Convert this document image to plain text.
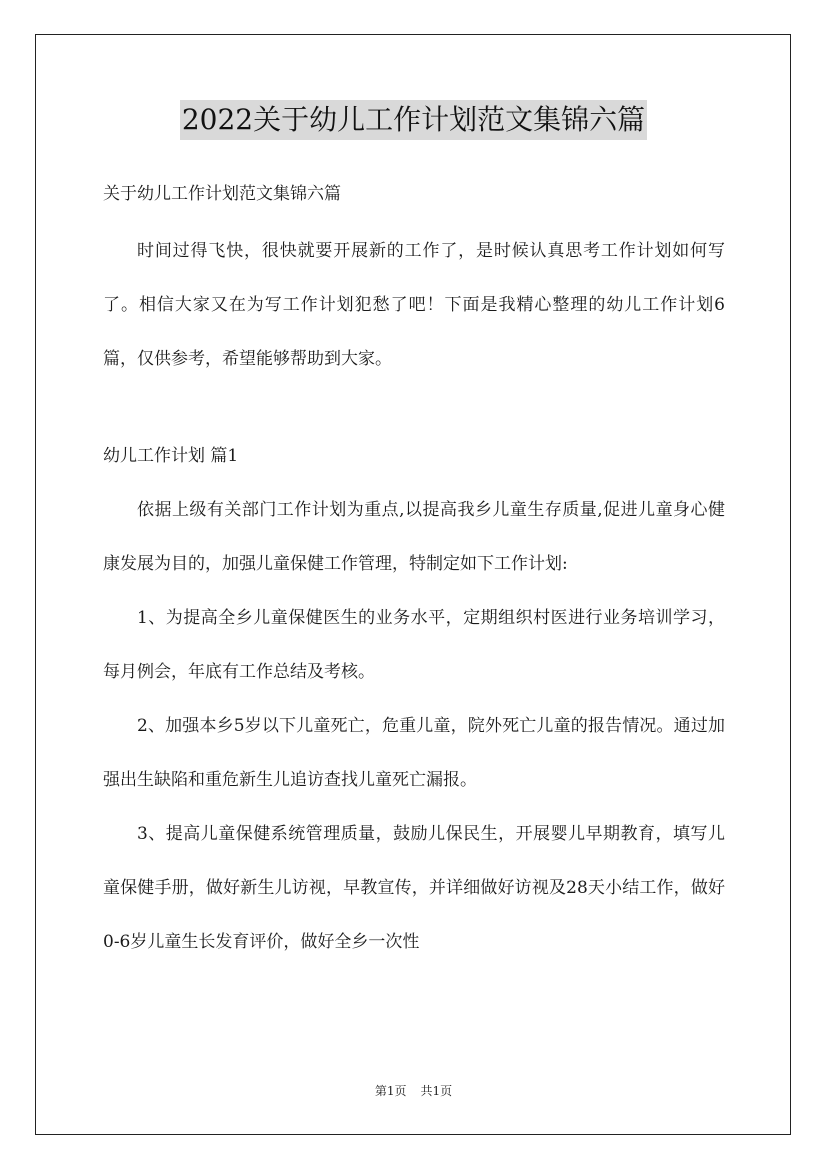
2022关于幼儿工作计划范文集锦六篇

关于幼儿工作计划范文集锦六篇

时间过得飞快，很快就要开展新的工作了，是时候认真思考工作计划如何写了。相信大家又在为写工作计划犯愁了吧！下面是我精心整理的幼儿工作计划6篇，仅供参考，希望能够帮助到大家。

幼儿工作计划 篇1

依据上级有关部门工作计划为重点,以提高我乡儿童生存质量,促进儿童身心健康发展为目的，加强儿童保健工作管理，特制定如下工作计划:

1、为提高全乡儿童保健医生的业务水平，定期组织村医进行业务培训学习，每月例会，年底有工作总结及考核。

2、加强本乡5岁以下儿童死亡，危重儿童，院外死亡儿童的报告情况。通过加强出生缺陷和重危新生儿追访查找儿童死亡漏报。

3、提高儿童保健系统管理质量，鼓励儿保民生，开展婴儿早期教育，填写儿童保健手册，做好新生儿访视，早教宣传，并详细做好访视及28天小结工作，做好0-6岁儿童生长发育评价，做好全乡一次性

第1页 共1页
